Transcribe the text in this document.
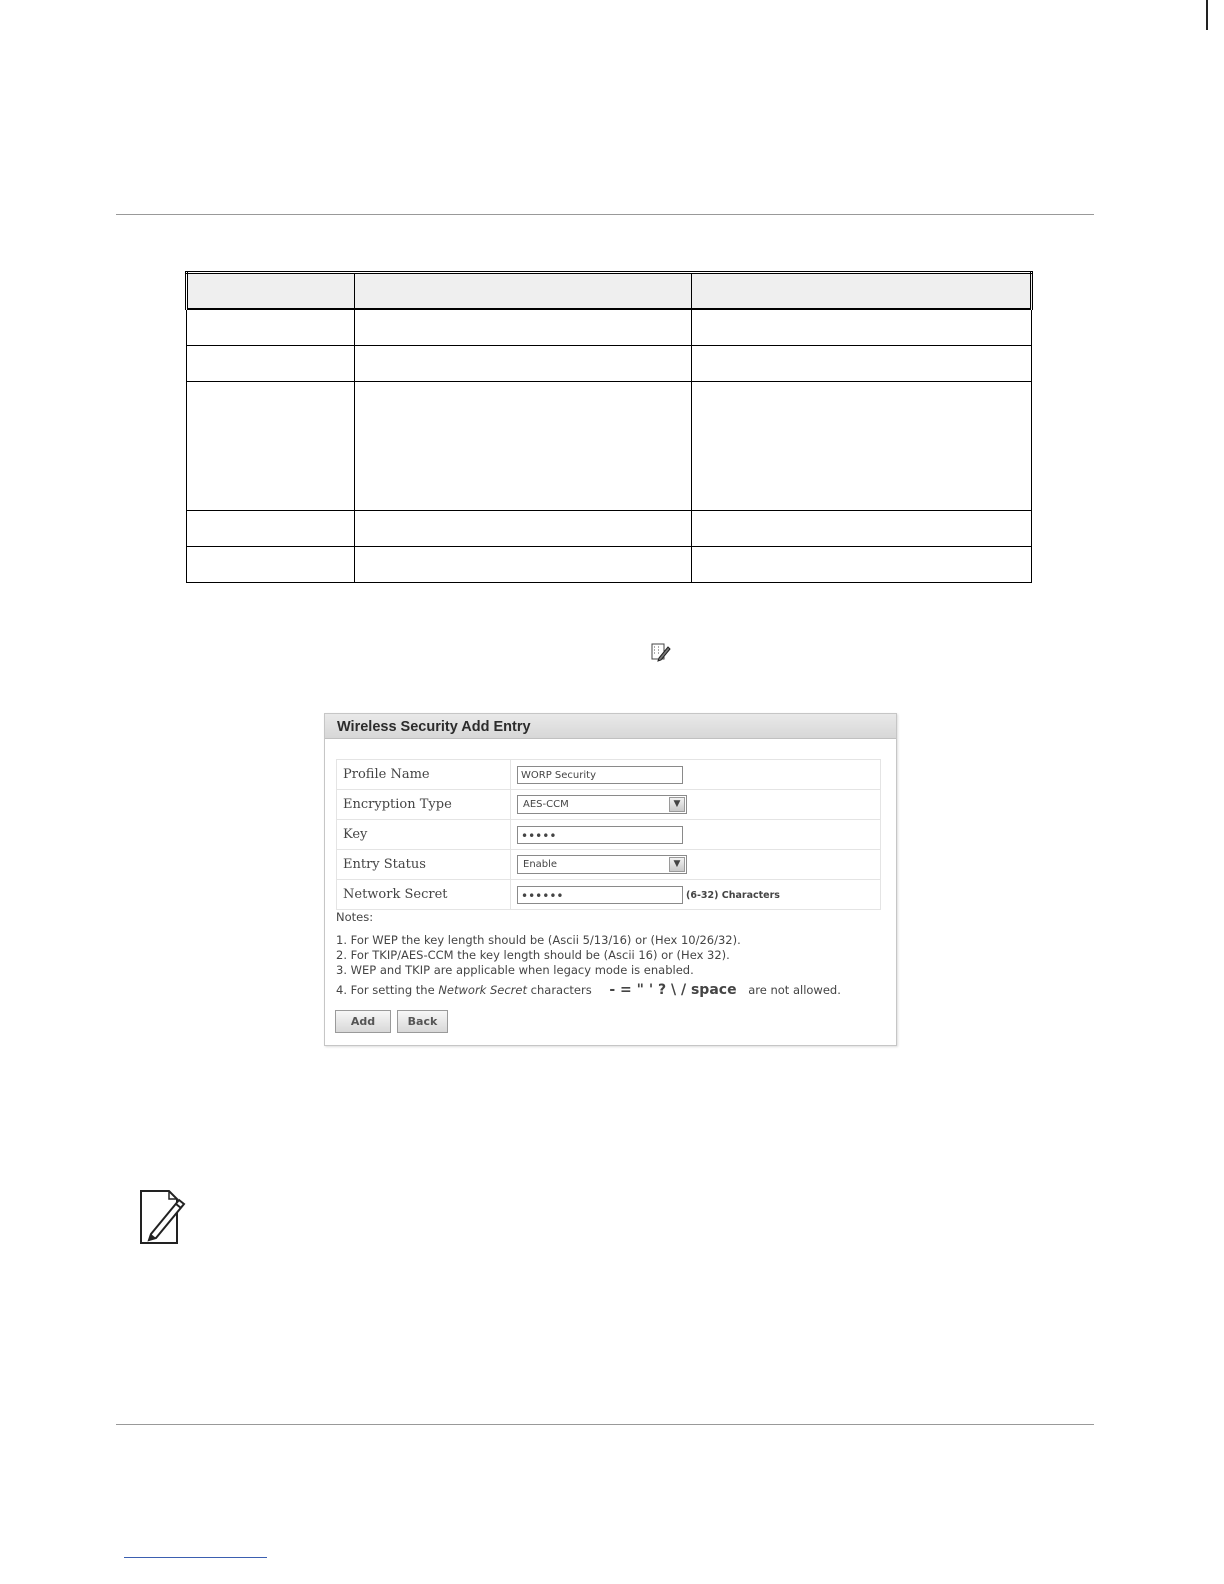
Wireless Security Add Entry
Profile Name	WORP Security
Encryption Type	AES-CCM ▼

Key	•••••
Entry Status	Enable ▼

Network Secret	•••••• (6-32) Characters
Notes:
1. For WEP the key length should be (Ascii 5/13/16) or (Hex 10/26/32).
2. For TKIP/AES-CCM the key length should be (Ascii 16) or (Hex 32).
3. WEP and TKIP are applicable when legacy mode is enabled.
4. For setting the Network Secret characters - = " ' ? \ / space are not allowed.
Add	Back
